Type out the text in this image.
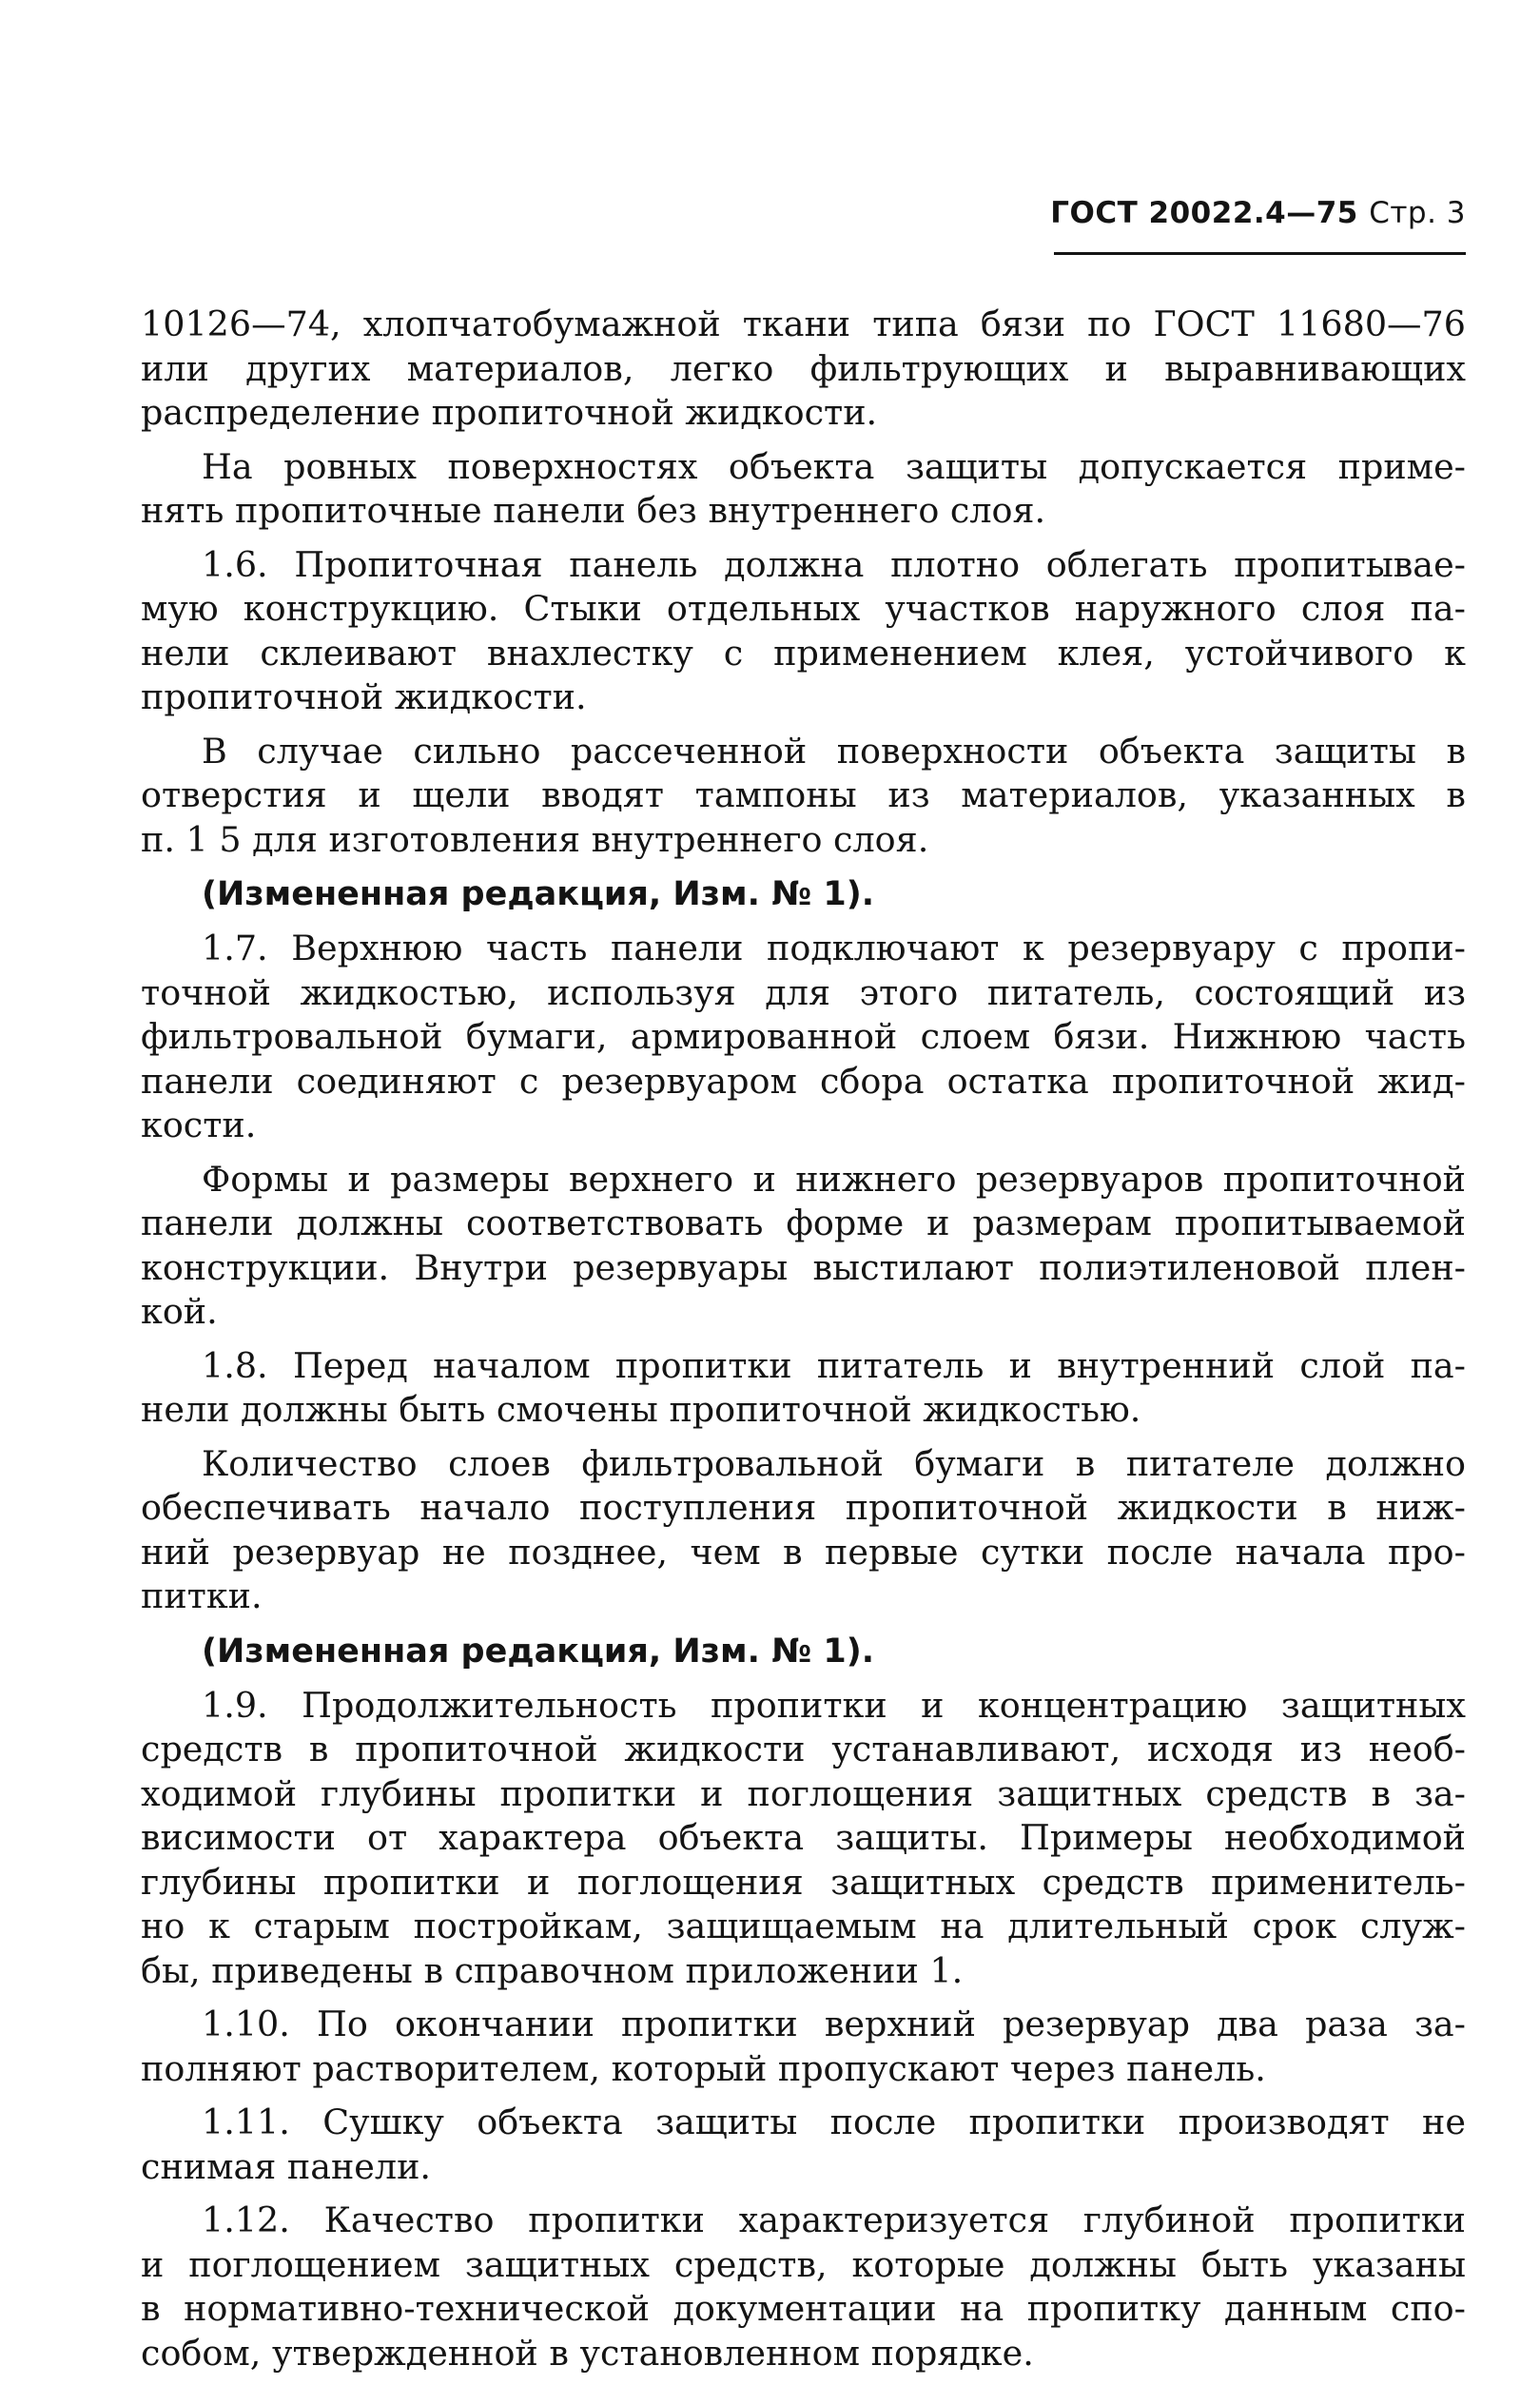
ГОСТ 20022.4—75 Стр. 3

10126—74, хлопчатобумажной ткани типа бязи по ГОСТ 11680—76

или других материалов, легко фильтрующих и выравнивающих

распределение пропиточной жидкости.

На ровных поверхностях объекта защиты допускается приме-

нять пропиточные панели без внутреннего слоя.

1.6. Пропиточная панель должна плотно облегать пропитывае-

мую конструкцию. Стыки отдельных участков наружного слоя па-

нели склеивают внахлестку с применением клея, устойчивого к

пропиточной жидкости.

В случае сильно рассеченной поверхности объекта защиты в

отверстия и щели вводят тампоны из материалов, указанных в

п. 1 5 для изготовления внутреннего слоя.

(Измененная редакция, Изм. № 1).

1.7. Верхнюю часть панели подключают к резервуару с пропи-

точной жидкостью, используя для этого питатель, состоящий из

фильтровальной бумаги, армированной слоем бязи. Нижнюю часть

панели соединяют с резервуаром сбора остатка пропиточной жид-

кости.

Формы и размеры верхнего и нижнего резервуаров пропиточной

панели должны соответствовать форме и размерам пропитываемой

конструкции. Внутри резервуары выстилают полиэтиленовой плен-

кой.

1.8. Перед началом пропитки питатель и внутренний слой па-

нели должны быть смочены пропиточной жидкостью.

Количество слоев фильтровальной бумаги в питателе должно

обеспечивать начало поступления пропиточной жидкости в ниж-

ний резервуар не позднее, чем в первые сутки после начала про-

питки.

(Измененная редакция, Изм. № 1).

1.9. Продолжительность пропитки и концентрацию защитных

средств в пропиточной жидкости устанавливают, исходя из необ-

ходимой глубины пропитки и поглощения защитных средств в за-

висимости от характера объекта защиты. Примеры необходимой

глубины пропитки и поглощения защитных средств применитель-

но к старым постройкам, защищаемым на длительный срок служ-

бы, приведены в справочном приложении 1.

1.10. По окончании пропитки верхний резервуар два раза за-

полняют растворителем, который пропускают через панель.

1.11. Сушку объекта защиты после пропитки производят не

снимая панели.

1.12. Качество пропитки характеризуется глубиной пропитки

и поглощением защитных средств, которые должны быть указаны

в нормативно-технической документации на пропитку данным спо-

собом, утвержденной в установленном порядке.
